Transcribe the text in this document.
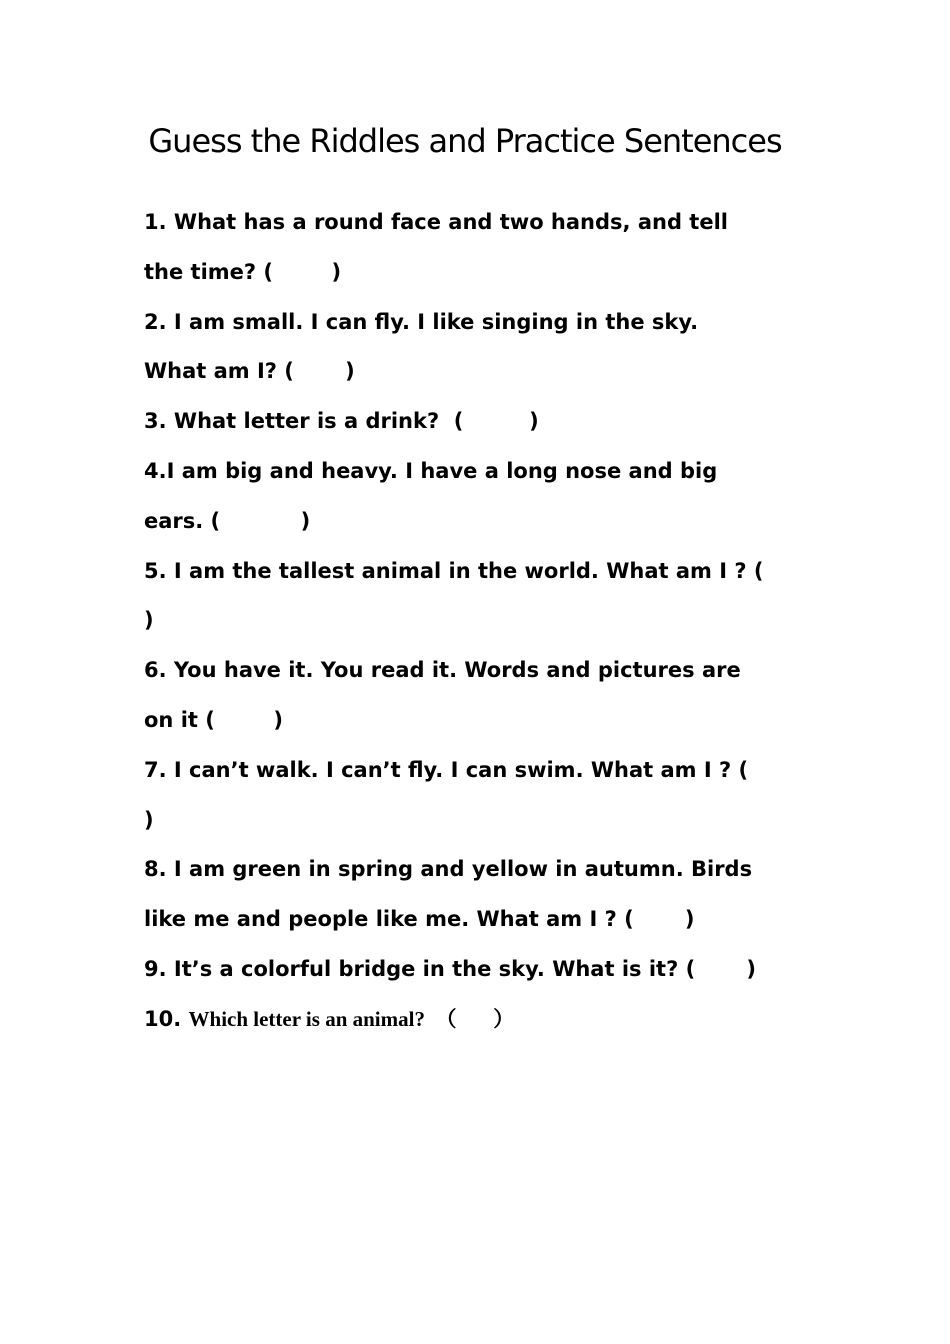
Guess the Riddles and Practice Sentences
1. What has a round face and two hands, and tell
the time? (        )
2. I am small. I can fly. I like singing in the sky.
What am I? (       )
3. What letter is a drink?  (         )
4.I am big and heavy. I have a long nose and big
ears. (           )
5. I am the tallest animal in the world. What am I ? (
)
6. You have it. You read it. Words and pictures are
on it (        )
7. I can’t walk. I can’t fly. I can swim. What am I ? (
)
8. I am green in spring and yellow in autumn. Birds
like me and people like me. What am I ? (       )
9. It’s a colorful bridge in the sky. What is it? (       )
10. Which letter is an animal?  （       ）
